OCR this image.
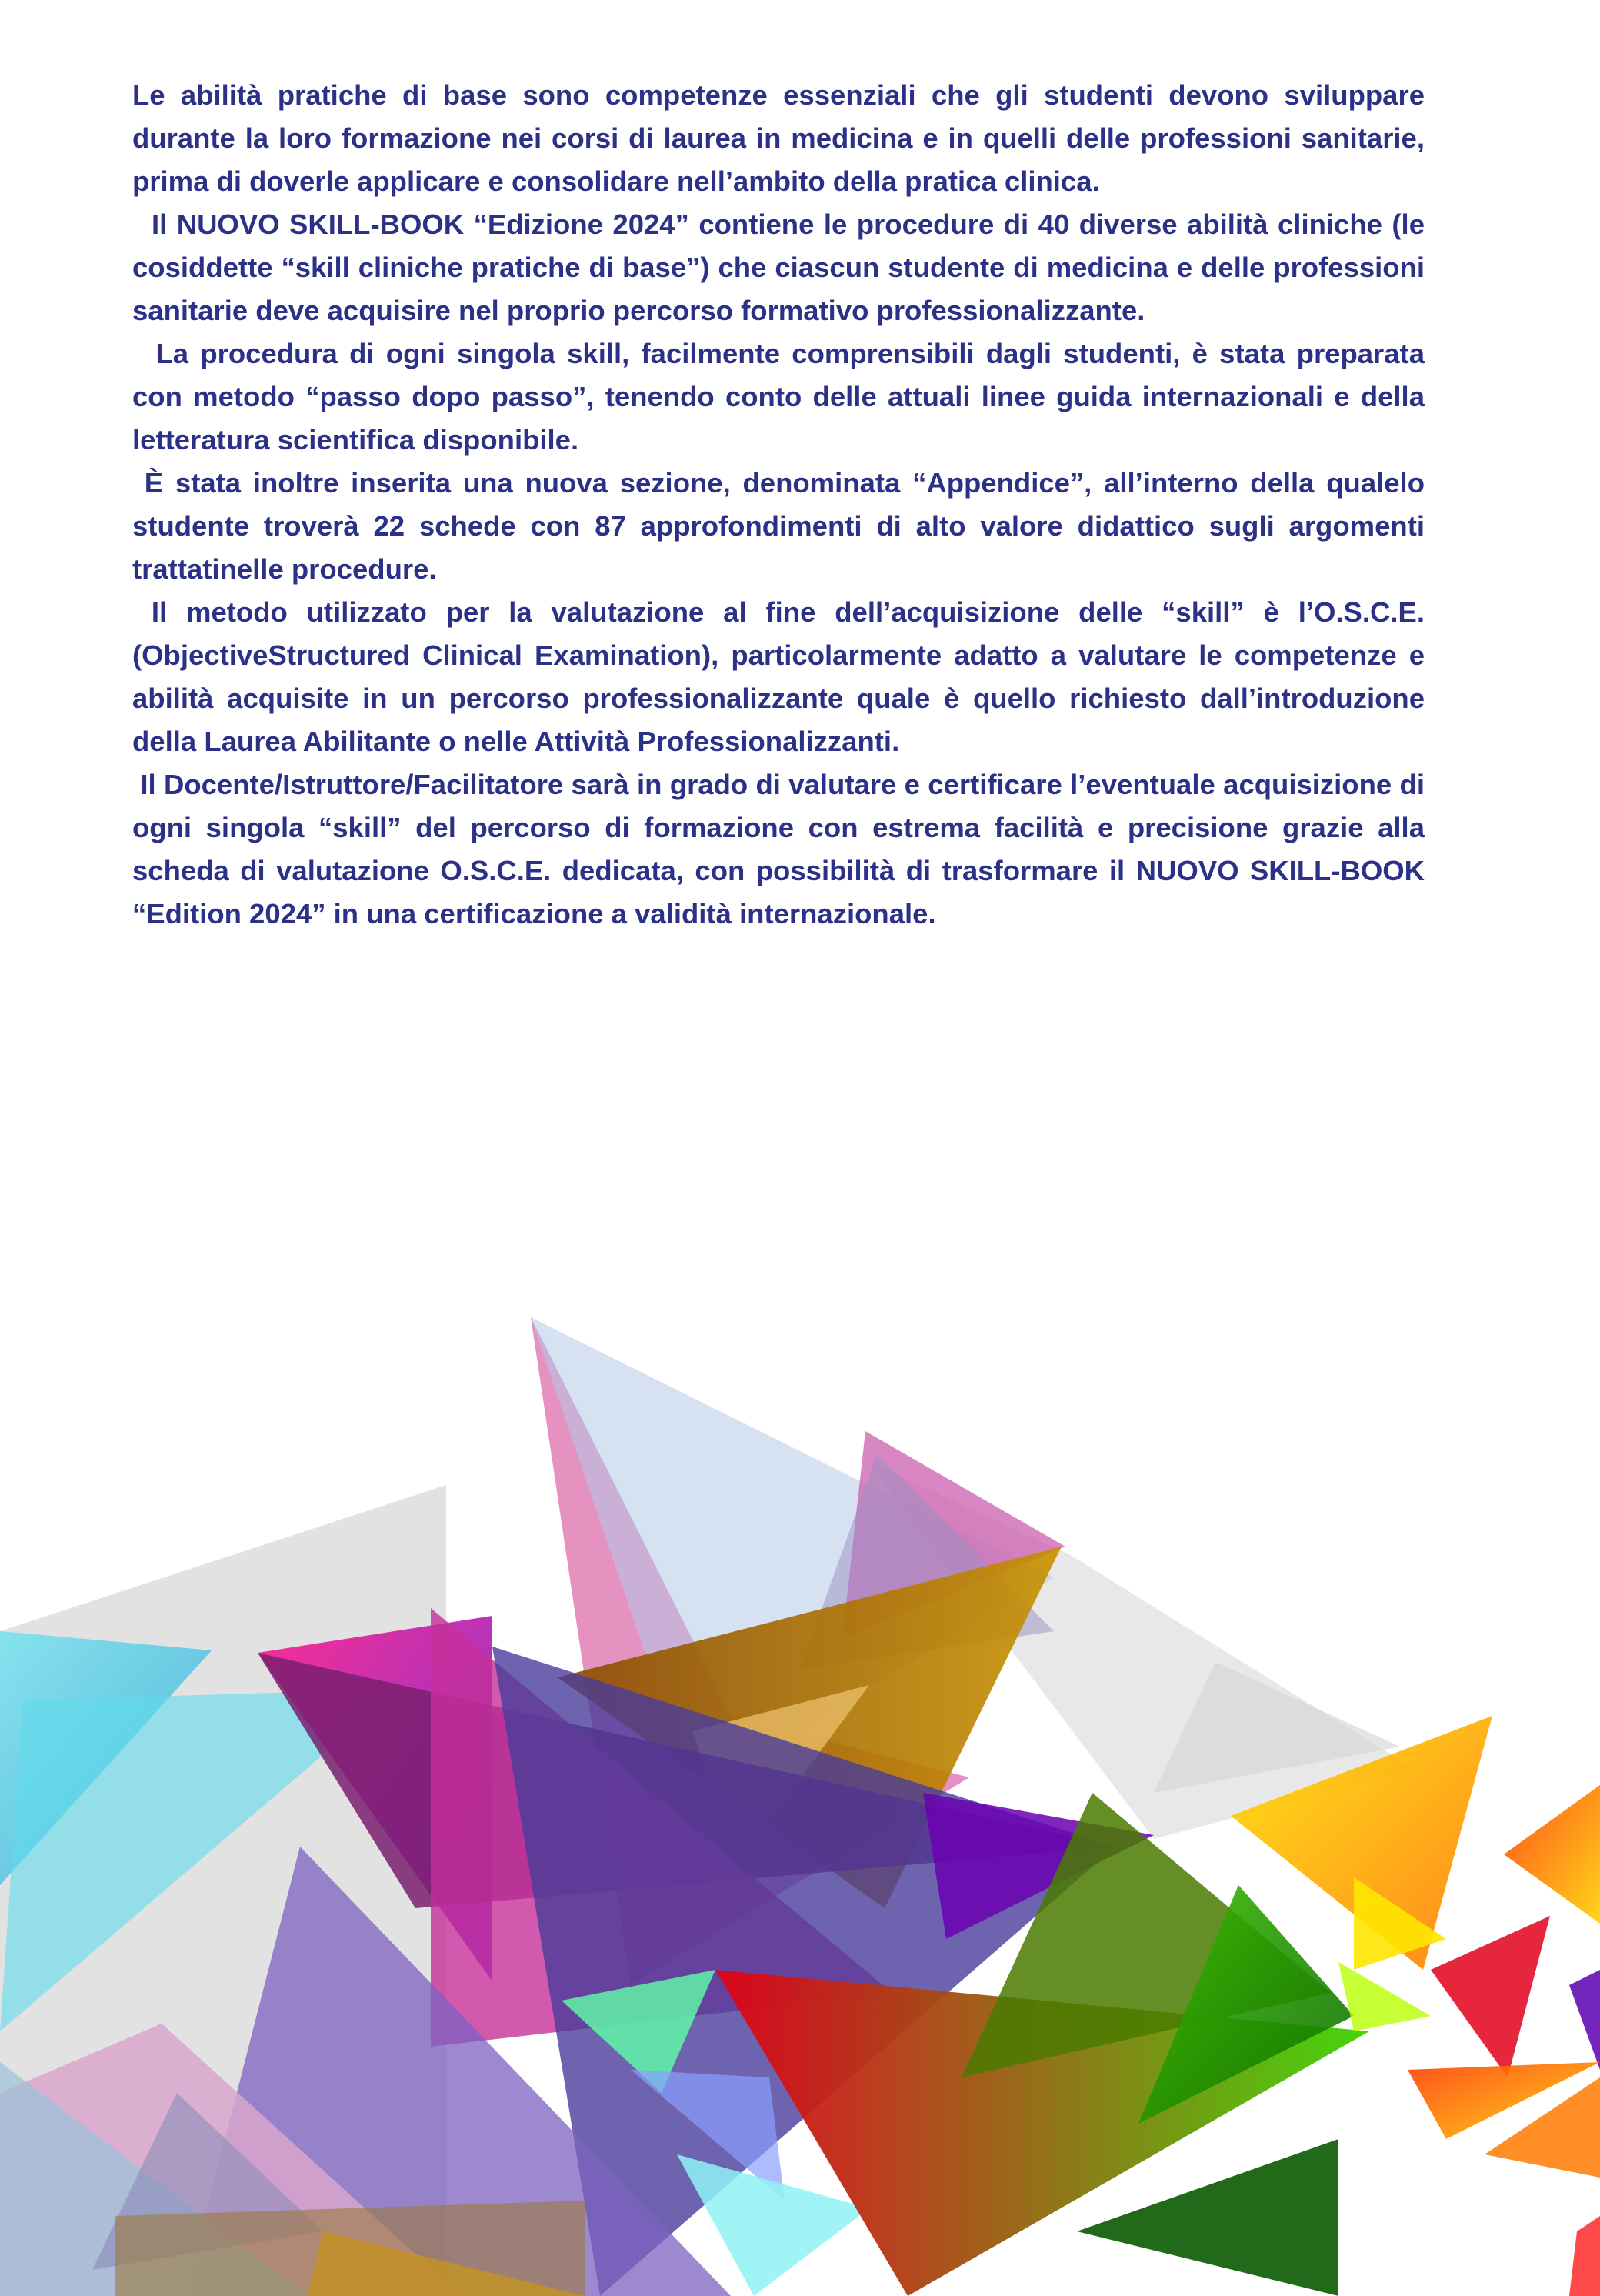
Le abilità pratiche di base sono competenze essenziali che gli studenti devono sviluppare durante la loro formazione nei corsi di laurea in medicina e in quelli delle professioni sanitarie, prima di doverle applicare e consolidare nell’ambito della pratica clinica.

Il NUOVO SKILL-BOOK “Edizione 2024” contiene le procedure di 40 diverse abilità cliniche (le cosiddette “skill cliniche pratiche di base”) che ciascun studente di medicina e delle professioni sanitarie deve acquisire nel proprio percorso formativo professionalizzante.

La procedura di ogni singola skill, facilmente comprensibili dagli studenti, è stata preparata con metodo “passo dopo passo”, tenendo conto delle attuali linee guida internazionali e della letteratura scientifica disponibile.

È stata inoltre inserita una nuova sezione, denominata “Appendice”, all’interno della qualelo studente troverà 22 schede con 87 approfondimenti di alto valore didattico sugli argomenti trattatinelle procedure.

Il metodo utilizzato per la valutazione al fine dell’acquisizione delle “skill” è l’O.S.C.E. (ObjectiveStructured Clinical Examination), particolarmente adatto a valutare le competenze e abilità acquisite in un percorso professionalizzante quale è quello richiesto dall’introduzione della Laurea Abilitante o nelle Attività Professionalizzanti.

Il Docente/Istruttore/Facilitatore sarà in grado di valutare e certificare l’eventuale acquisizione di ogni singola “skill” del percorso di formazione con estrema facilità e precisione grazie alla scheda di valutazione O.S.C.E. dedicata, con possibilità di trasformare il NUOVO SKILL-BOOK “Edition 2024” in una certificazione a validità internazionale.
